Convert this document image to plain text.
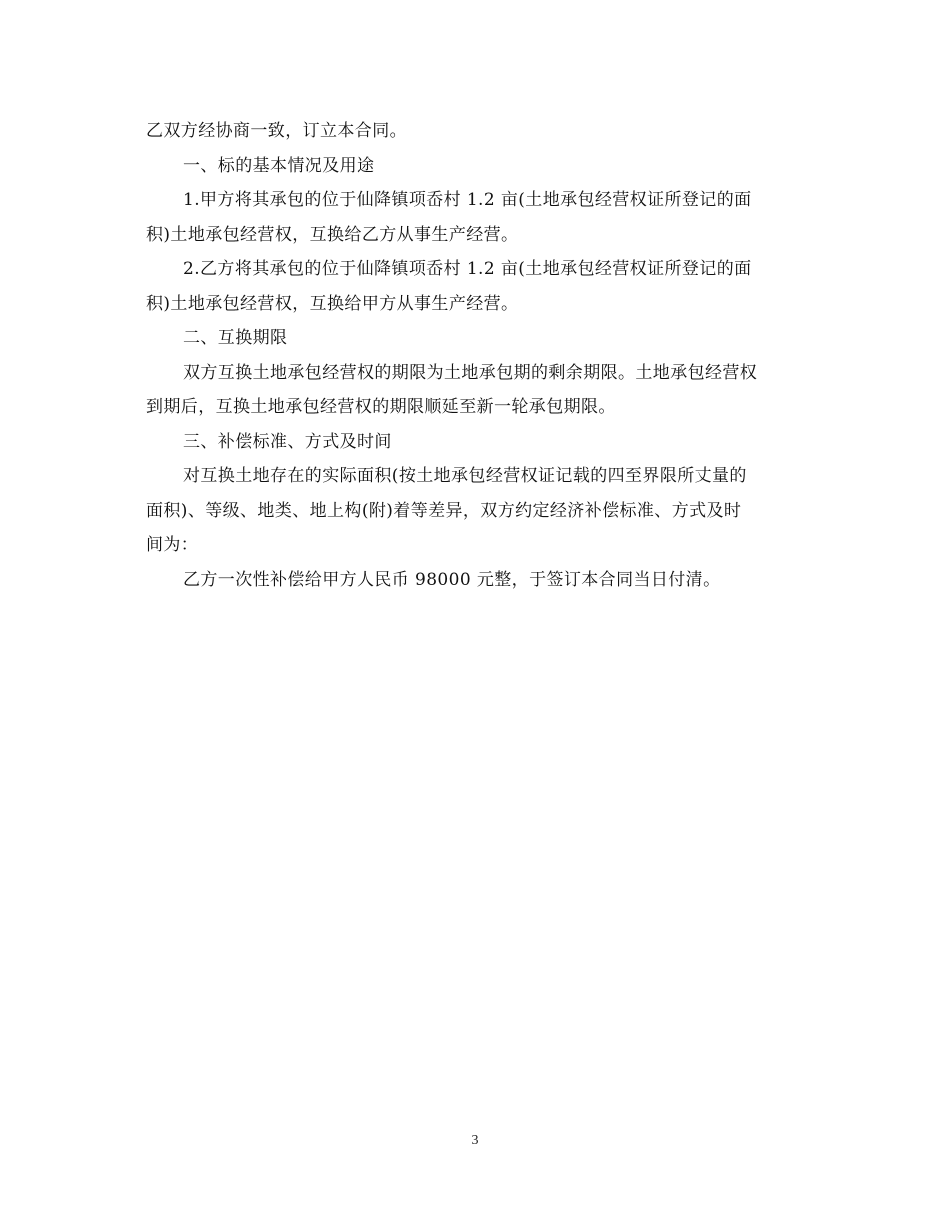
乙双方经协商一致，订立本合同。

一、标的基本情况及用途

1.甲方将其承包的位于仙降镇项岙村 1.2 亩(土地承包经营权证所登记的面

积)土地承包经营权，互换给乙方从事生产经营。

2.乙方将其承包的位于仙降镇项岙村 1.2 亩(土地承包经营权证所登记的面

积)土地承包经营权，互换给甲方从事生产经营。

二、互换期限

双方互换土地承包经营权的期限为土地承包期的剩余期限。土地承包经营权

到期后，互换土地承包经营权的期限顺延至新一轮承包期限。

三、补偿标准、方式及时间

对互换土地存在的实际面积(按土地承包经营权证记载的四至界限所丈量的

面积)、等级、地类、地上构(附)着等差异，双方约定经济补偿标准、方式及时

间为：

乙方一次性补偿给甲方人民币 98000 元整，于签订本合同当日付清。

3
